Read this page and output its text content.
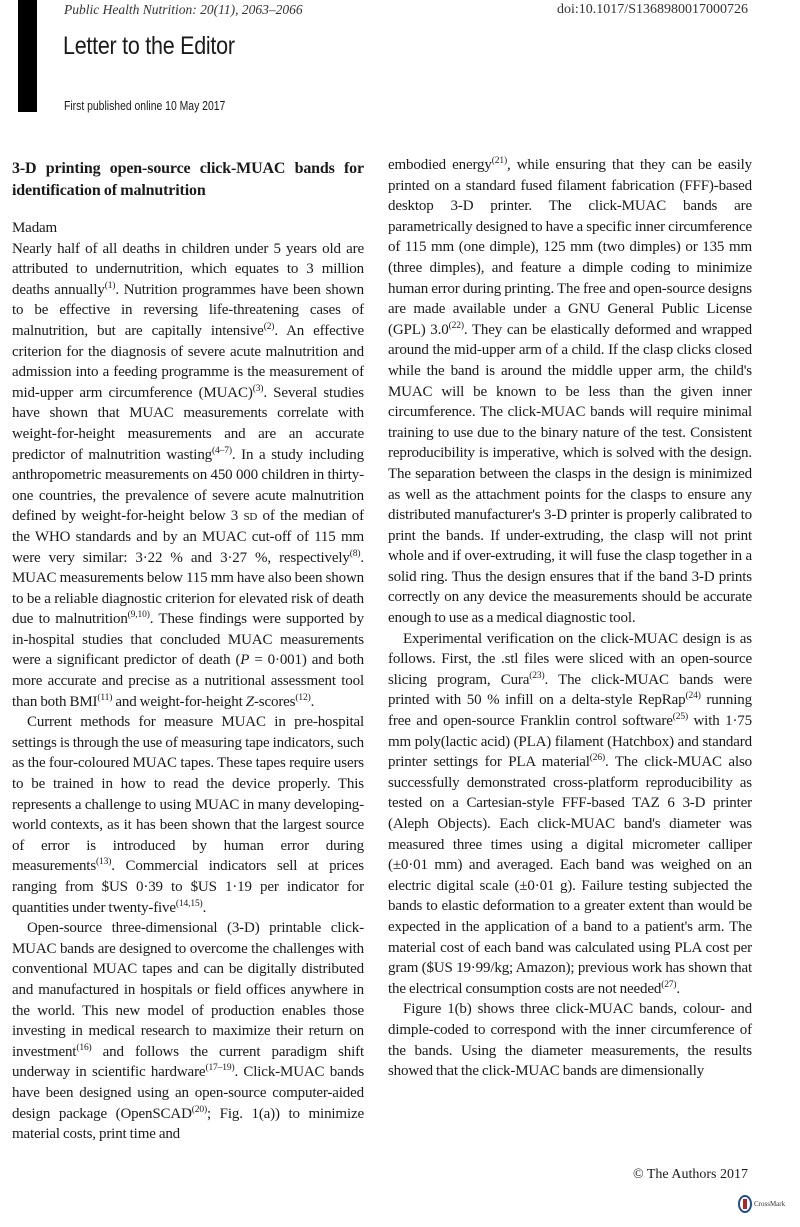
Public Health Nutrition: 20(11), 2063–2066	doi:10.1017/S1368980017000726
Letter to the Editor
First published online 10 May 2017
3-D printing open-source click-MUAC bands for identification of malnutrition

Madam

Nearly half of all deaths in children under 5 years old are attributed to undernutrition, which equates to 3 million deaths annually$^{(1)}$. Nutrition programmes have been shown to be effective in reversing life-threatening cases of malnutrition, but are capitally intensive$^{(2)}$. An effective criterion for the diagnosis of severe acute malnutrition and admission into a feeding programme is the measurement of mid-upper arm circumference (MUAC)$^{(3)}$. Several studies have shown that MUAC measurements correlate with weight-for-height measurements and are an accurate predictor of malnutrition wasting$^{(4-7)}$. In a study including anthropometric measurements on 450 000 children in thirty-one countries, the prevalence of severe acute malnutrition defined by weight-for-height below 3 sd of the median of the WHO standards and by an MUAC cut-off of 115 mm were very similar: 3·22 % and 3·27 %, respectively$^{(8)}$. MUAC measurements below 115 mm have also been shown to be a reliable diagnostic criterion for elevated risk of death due to malnutrition$^{(9,10)}$. These findings were supported by in-hospital studies that concluded MUAC measurements were a significant predictor of death (P = 0·001) and both more accurate and precise as a nutritional assessment tool than both BMI$^{(11)}$ and weight-for-height Z-scores$^{(12)}$.

Current methods for measure MUAC in pre-hospital settings is through the use of measuring tape indicators, such as the four-coloured MUAC tapes. These tapes require users to be trained in how to read the device properly. This represents a challenge to using MUAC in many developing-world contexts, as it has been shown that the largest source of error is introduced by human error during measurements$^{(13)}$. Commercial indicators sell at prices ranging from $US 0·39 to $US 1·19 per indicator for quantities under twenty-five$^{(14,15)}$.

Open-source three-dimensional (3-D) printable click-MUAC bands are designed to overcome the challenges with conventional MUAC tapes and can be digitally distributed and manufactured in hospitals or field offices anywhere in the world. This new model of production enables those investing in medical research to maximize their return on investment$^{(16)}$ and follows the current paradigm shift underway in scientific hardware$^{(17-19)}$. Click-MUAC bands have been designed using an open-source computer-aided design package (OpenSCAD$^{(20)}$; Fig. 1(a)) to minimize material costs, print time and

embodied energy$^{(21)}$, while ensuring that they can be easily printed on a standard fused filament fabrication (FFF)-based desktop 3-D printer. The click-MUAC bands are parametrically designed to have a specific inner circumference of 115 mm (one dimple), 125 mm (two dimples) or 135 mm (three dimples), and feature a dimple coding to minimize human error during printing. The free and open-source designs are made available under a GNU General Public License (GPL) 3.0$^{(22)}$. They can be elastically deformed and wrapped around the mid-upper arm of a child. If the clasp clicks closed while the band is around the middle upper arm, the child's MUAC will be known to be less than the given inner circumference. The click-MUAC bands will require minimal training to use due to the binary nature of the test. Consistent reproducibility is imperative, which is solved with the design. The separation between the clasps in the design is minimized as well as the attachment points for the clasps to ensure any distributed manufacturer's 3-D printer is properly calibrated to print the bands. If under-extruding, the clasp will not print whole and if over-extruding, it will fuse the clasp together in a solid ring. Thus the design ensures that if the band 3-D prints correctly on any device the measurements should be accurate enough to use as a medical diagnostic tool.

Experimental verification on the click-MUAC design is as follows. First, the .stl files were sliced with an open-source slicing program, Cura$^{(23)}$. The click-MUAC bands were printed with 50 % infill on a delta-style RepRap$^{(24)}$ running free and open-source Franklin control software$^{(25)}$ with 1·75 mm poly(lactic acid) (PLA) filament (Hatchbox) and standard printer settings for PLA material$^{(26)}$. The click-MUAC also successfully demonstrated cross-platform reproducibility as tested on a Cartesian-style FFF-based TAZ 6 3-D printer (Aleph Objects). Each click-MUAC band's diameter was measured three times using a digital micrometer calliper (±0·01 mm) and averaged. Each band was weighed on an electric digital scale (±0·01 g). Failure testing subjected the bands to elastic deformation to a greater extent than would be expected in the application of a band to a patient's arm. The material cost of each band was calculated using PLA cost per gram ($US 19·99/kg; Amazon); previous work has shown that the electrical consumption costs are not needed$^{(27)}$.

Figure 1(b) shows three click-MUAC bands, colour- and dimple-coded to correspond with the inner circumference of the bands. Using the diameter measurements, the results showed that the click-MUAC bands are dimensionally

© The Authors 2017
CrossMark
